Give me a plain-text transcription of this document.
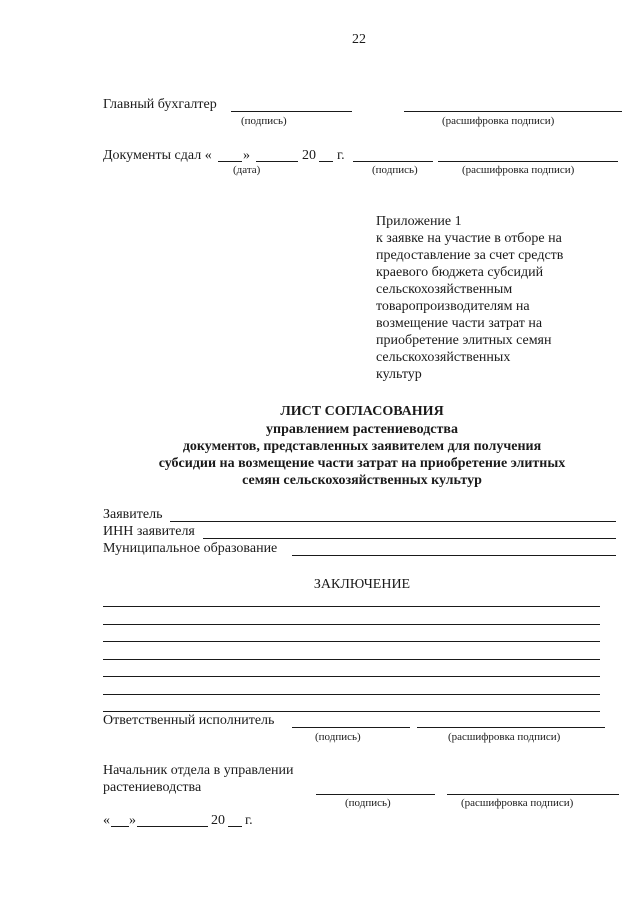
22
Главный бухгалтер
(подпись)	(расшифровка подписи)
Документы сдал « »	20 г.
(дата)	(подпись)	(расшифровка подписи)
Приложение 1
к заявке на участие в отборе на
предоставление за счет средств
краевого бюджета субсидий
сельскохозяйственным
товаропроизводителям на
возмещение части затрат на
приобретение элитных семян
сельскохозяйственных
культур
ЛИСТ СОГЛАСОВАНИЯ
управлением растениеводства
документов, представленных заявителем для получения
субсидии на возмещение части затрат на приобретение элитных
семян сельскохозяйственных культур
Заявитель
ИНН заявителя
Муниципальное образование
ЗАКЛЮЧЕНИЕ
Ответственный исполнитель
(подпись)	(расшифровка подписи)
Начальник отдела в управлении
растениеводства
(подпись)	(расшифровка подписи)
« »	20 г.
